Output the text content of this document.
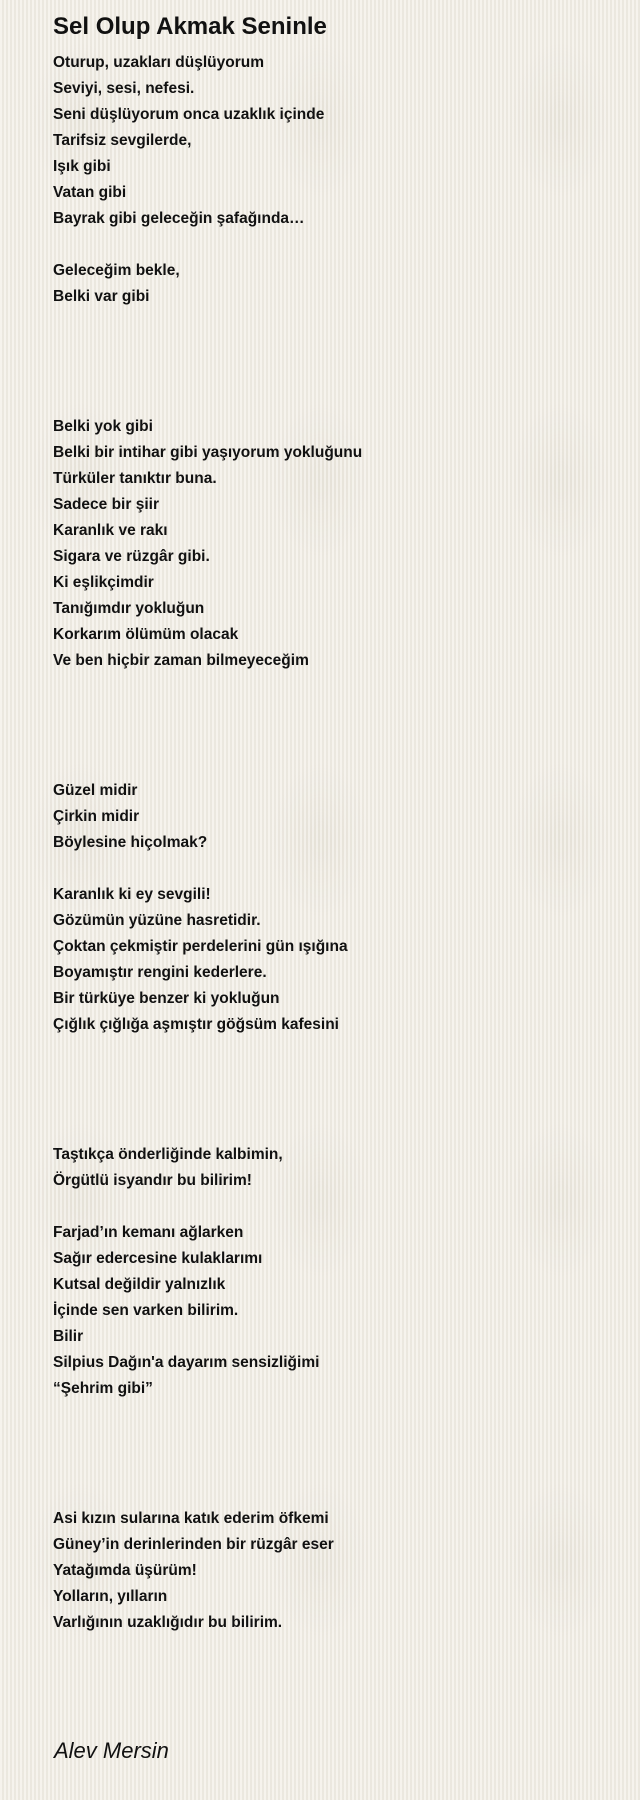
Sel Olup Akmak Seninle
Oturup, uzakları düşlüyorum
Seviyi, sesi, nefesi.
Seni düşlüyorum onca uzaklık içinde
Tarifsiz sevgilerde,
Işık gibi
Vatan gibi
Bayrak gibi geleceğin şafağında…
Geleceğim bekle,
Belki var gibi
Belki yok gibi
Belki bir intihar gibi yaşıyorum yokluğunu
Türküler tanıktır buna.
Sadece bir şiir
Karanlık ve rakı
Sigara ve rüzgâr gibi.
Ki eşlikçimdir
Tanığımdır yokluğun
Korkarım ölümüm olacak
Ve ben hiçbir zaman bilmeyeceğim
Güzel midir
Çirkin midir
Böylesine hiçolmak?
Karanlık ki ey sevgili!
Gözümün yüzüne hasretidir.
Çoktan çekmiştir perdelerini gün ışığına
Boyamıştır rengini kederlere.
Bir türküye benzer ki yokluğun
Çığlık çığlığa aşmıştır göğsüm kafesini
Taştıkça önderliğinde kalbimin,
Örgütlü isyandır bu bilirim!
Farjad’ın kemanı ağlarken
Sağır edercesine kulaklarımı
Kutsal değildir yalnızlık
İçinde sen varken bilirim.
Bilir
Silpius Dağın'a dayarım sensizliğimi
“Şehrim gibi”
Asi kızın sularına katık ederim öfkemi
Güney’in derinlerinden bir rüzgâr eser
Yatağımda üşürüm!
Yolların, yılların
Varlığının uzaklığıdır bu bilirim.
Alev Mersin
